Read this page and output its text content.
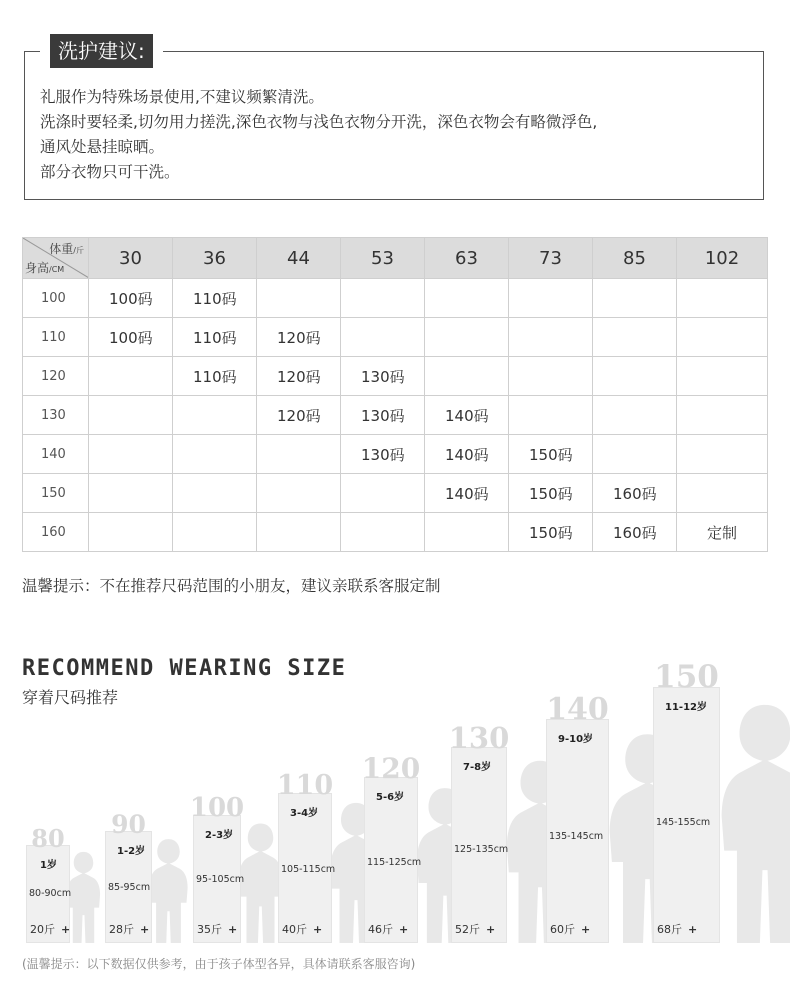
洗护建议:
礼服作为特殊场景使用,不建议频繁清洗。
洗涤时要轻柔,切勿用力搓洗,深色衣物与浅色衣物分开洗，深色衣物会有略微浮色,
通风处悬挂晾晒。
部分衣物只可干洗。
体重/斤
身高/CM	30	36	44	53	63	73	85	102
100	100码	110码						
110	100码	110码	120码					
120		110码	120码	130码				
130			120码	130码	140码			
140				130码	140码	150码		
150					140码	150码	160码	
160						150码	160码	定制
温馨提示：不在推荐尺码范围的小朋友，建议亲联系客服定制
RECOMMEND WEARING SIZE
穿着尺码推荐
80
1岁
80-90cm
20斤 +
90
1-2岁
85-95cm
28斤 +
100
2-3岁
95-105cm
35斤 +
110
3-4岁
105-115cm
40斤 +
120
5-6岁
115-125cm
46斤 +
130
7-8岁
125-135cm
52斤 +
140
9-10岁
135-145cm
60斤 +
150
11-12岁
145-155cm
68斤 +
(温馨提示：以下数据仅供参考，由于孩子体型各异，具体请联系客服咨询)
